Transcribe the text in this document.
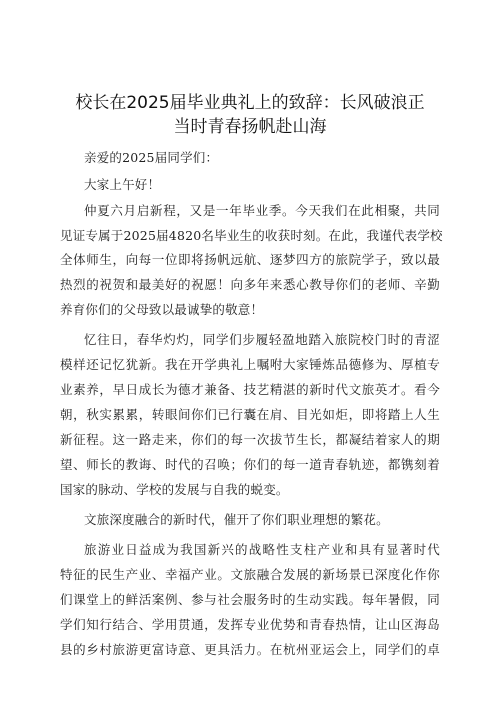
校长在2025届毕业典礼上的致辞：长风破浪正
当时青春扬帆赴山海
亲爱的2025届同学们：
大家上午好！
仲夏六月启新程，又是一年毕业季。今天我们在此相聚，共同
见证专属于2025届4820名毕业生的收获时刻。在此，我谨代表学校
全体师生，向每一位即将扬帆远航、逐梦四方的旅院学子，致以最
热烈的祝贺和最美好的祝愿！向多年来悉心教导你们的老师、辛勤
养育你们的父母致以最诚挚的敬意！
忆往日，春华灼灼，同学们步履轻盈地踏入旅院校门时的青涩
模样还记忆犹新。我在开学典礼上嘱咐大家锤炼品德修为、厚植专
业素养，早日成长为德才兼备、技艺精湛的新时代文旅英才。看今
朝，秋实累累，转眼间你们已行囊在肩、目光如炬，即将踏上人生
新征程。这一路走来，你们的每一次拔节生长，都凝结着家人的期
望、师长的教诲、时代的召唤；你们的每一道青春轨迹，都镌刻着
国家的脉动、学校的发展与自我的蜕变。
文旅深度融合的新时代，催开了你们职业理想的繁花。
旅游业日益成为我国新兴的战略性支柱产业和具有显著时代
特征的民生产业、幸福产业。文旅融合发展的新场景已深度化作你
们课堂上的鲜活案例、参与社会服务时的生动实践。每年暑假，同
学们知行结合、学用贯通，发挥专业优势和青春热情，让山区海岛
县的乡村旅游更富诗意、更具活力。在杭州亚运会上，同学们的卓
